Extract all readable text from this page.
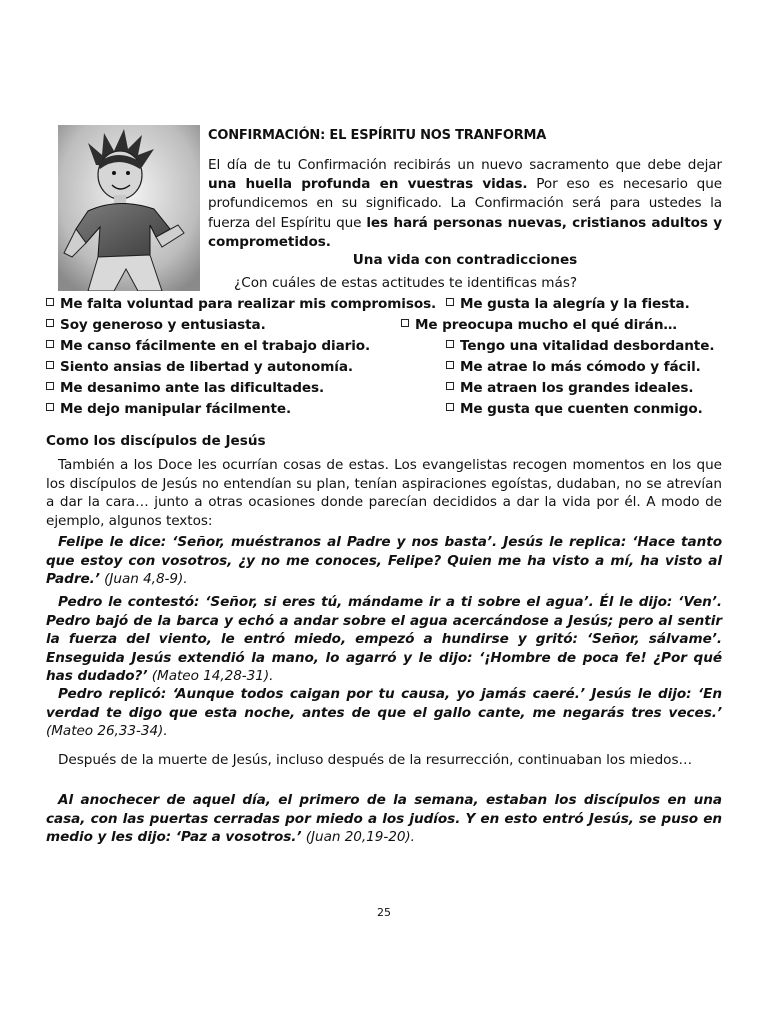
CONFIRMACIÓN: EL ESPÍRITU NOS TRANFORMA
El día de tu Confirmación recibirás un nuevo sacramento que debe dejar una huella profunda en vuestras vidas. Por eso es necesario que profundicemos en su significado. La Confirmación será para ustedes la fuerza del Espíritu que les hará personas nuevas, cristianos adultos y comprometidos.
Una vida con contradicciones
¿Con cuáles de estas actitudes te identificas más?
Me falta voluntad para realizar mis compromisos.
Soy generoso y entusiasta.
Me canso fácilmente en el trabajo diario.
Siento ansias de libertad y autonomía.
Me desanimo ante las dificultades.
Me dejo manipular fácilmente.
Me gusta la alegría y la fiesta.
Me preocupa mucho el qué dirán…
Tengo una vitalidad desbordante.
Me atrae lo más cómodo y fácil.
Me atraen los grandes ideales.
Me gusta que cuenten conmigo.
Como los discípulos de Jesús
También a los Doce les ocurrían cosas de estas. Los evangelistas recogen momentos en los que los discípulos de Jesús no entendían su plan, tenían aspiraciones egoístas, dudaban, no se atrevían a dar la cara… junto a otras ocasiones donde parecían decididos a dar la vida por él. A modo de ejemplo, algunos textos:
Felipe le dice: ‘Señor, muéstranos al Padre y nos basta’. Jesús le replica: ‘Hace tanto que estoy con vosotros, ¿y no me conoces, Felipe? Quien me ha visto a mí, ha visto al Padre.’ (Juan 4,8-9).
Pedro le contestó: ‘Señor, si eres tú, mándame ir a ti sobre el agua’. Él le dijo: ‘Ven’. Pedro bajó de la barca y echó a andar sobre el agua acercándose a Jesús; pero al sentir la fuerza del viento, le entró miedo, empezó a hundirse y gritó: ‘Señor, sálvame’. Enseguida Jesús extendió la mano, lo agarró y le dijo: ‘¡Hombre de poca fe! ¿Por qué has dudado?’ (Mateo 14,28-31).
Pedro replicó: ‘Aunque todos caigan por tu causa, yo jamás caeré.’ Jesús le dijo: ‘En verdad te digo que esta noche, antes de que el gallo cante, me negarás tres veces.’ (Mateo 26,33-34).
Después de la muerte de Jesús, incluso después de la resurrección, continuaban los miedos…
Al anochecer de aquel día, el primero de la semana, estaban los discípulos en una casa, con las puertas cerradas por miedo a los judíos. Y en esto entró Jesús, se puso en medio y les dijo: ‘Paz a vosotros.’ (Juan 20,19-20).
25
